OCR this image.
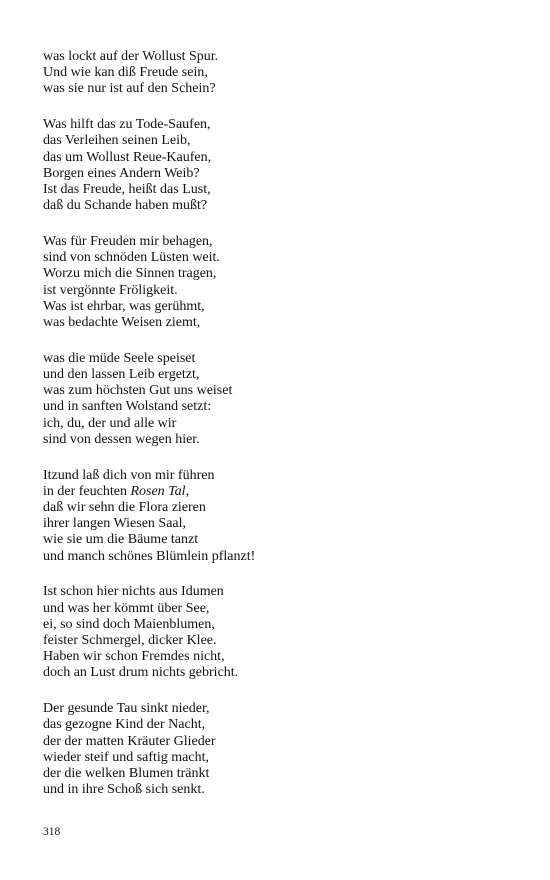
was lockt auf der Wollust Spur.
Und wie kan diß Freude sein,
was sie nur ist auf den Schein?
Was hilft das zu Tode-Saufen,
das Verleihen seinen Leib,
das um Wollust Reue-Kaufen,
Borgen eines Andern Weib?
Ist das Freude, heißt das Lust,
daß du Schande haben mußt?
Was für Freuden mir behagen,
sind von schnöden Lüsten weit.
Worzu mich die Sinnen tragen,
ist vergönnte Fröligkeit.
Was ist ehrbar, was gerühmt,
was bedachte Weisen ziemt,
was die müde Seele speiset
und den lassen Leib ergetzt,
was zum höchsten Gut uns weiset
und in sanften Wolstand setzt:
ich, du, der und alle wir
sind von dessen wegen hier.
Itzund laß dich von mir führen
in der feuchten Rosen Tal,
daß wir sehn die Flora zieren
ihrer langen Wiesen Saal,
wie sie um die Bäume tanzt
und manch schönes Blümlein pflanzt!
Ist schon hier nichts aus Idumen
und was her kömmt über See,
ei, so sind doch Maienblumen,
feister Schmergel, dicker Klee.
Haben wir schon Fremdes nicht,
doch an Lust drum nichts gebricht.
Der gesunde Tau sinkt nieder,
das gezogne Kind der Nacht,
der der matten Kräuter Glieder
wieder steif und saftig macht,
der die welken Blumen tränkt
und in ihre Schoß sich senkt.
318
